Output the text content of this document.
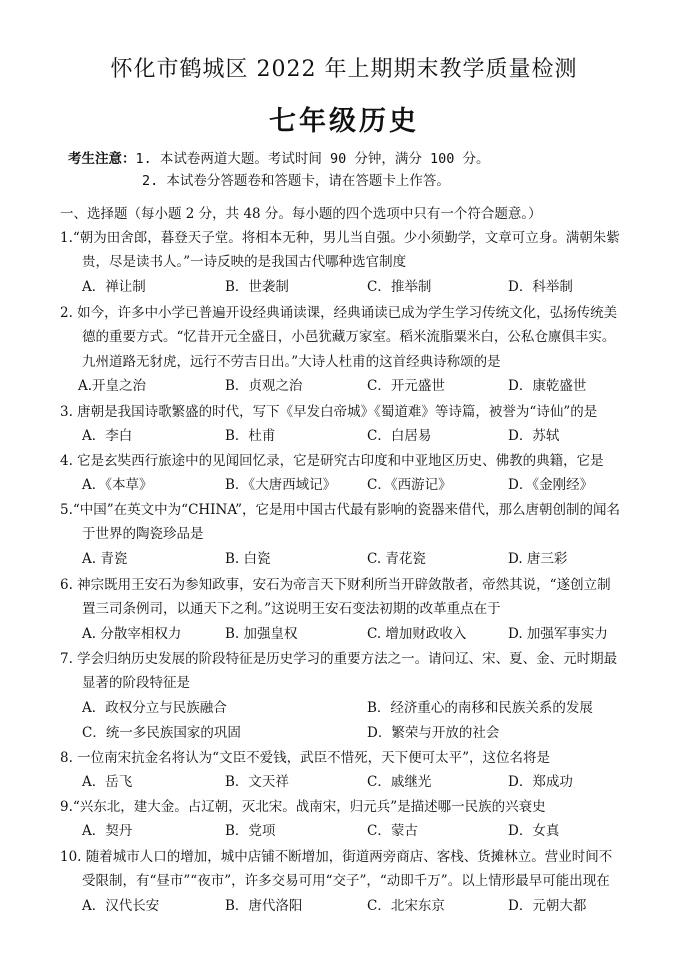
怀化市鹤城区 2022 年上期期末教学质量检测
七年级历史
考生注意：1. 本试卷两道大题。考试时间 90 分钟，满分 100 分。
2. 本试卷分答题卷和答题卡，请在答题卡上作答。
一、选择题（每小题 2 分，共 48 分。每小题的四个选项中只有一个符合题意。）
1.“朝为田舍郎，暮登天子堂。将相本无种，男儿当自强。少小须勤学，文章可立身。满朝朱紫
贵，尽是读书人。”一诗反映的是我国古代哪种选官制度
A．禅让制	B．世袭制	C．推举制	D．科举制
2. 如今，许多中小学已普遍开设经典诵读课，经典诵读已成为学生学习传统文化，弘扬传统美
德的重要方式。“忆昔开元全盛日，小邑犹藏万家室。稻米流脂粟米白，公私仓廪俱丰实。
九州道路无豺虎，远行不劳吉日出。”大诗人杜甫的这首经典诗称颂的是
A.开皇之治	B．贞观之治	C．开元盛世	D．康乾盛世
3. 唐朝是我国诗歌繁盛的时代，写下《早发白帝城》《蜀道难》等诗篇，被誉为“诗仙”的是
A．李白	B．杜甫	C．白居易	D．苏轼
4. 它是玄奘西行旅途中的见闻回忆录，它是研究古印度和中亚地区历史、佛教的典籍，它是
A．《本草》	B．《大唐西域记》 C．《西游记》	D．《金刚经》
5.“中国”在英文中为“CHINA”，它是用中国古代最有影响的瓷器来借代，那么唐朝创制的闻名
于世界的陶瓷珍品是
A. 青瓷	B. 白瓷	C. 青花瓷	D. 唐三彩
6. 神宗既用王安石为参知政事，安石为帝言天下财利所当开辟敛散者，帝然其说，“遂创立制
置三司条例司，以通天下之利。”这说明王安石变法初期的改革重点在于
A. 分散宰相权力	B. 加强皇权	C. 增加财政收入	D. 加强军事实力
7. 学会归纳历史发展的阶段特征是历史学习的重要方法之一。请问辽、宋、夏、金、元时期最
显著的阶段特征是
A．政权分立与民族融合	B．经济重心的南移和民族关系的发展
C．统一多民族国家的巩固	D．繁荣与开放的社会
8. 一位南宋抗金名将认为“文臣不爱钱，武臣不惜死，天下便可太平”，这位名将是
A．岳飞	B．文天祥	C．戚继光	D．郑成功
9.“兴东北，建大金。占辽朝，灭北宋。战南宋，归元兵”是描述哪一民族的兴衰史
A．契丹	B．党项	C．蒙古	D．女真
10. 随着城市人口的增加，城中店铺不断增加，街道两旁商店、客栈、货摊林立。营业时间不
受限制，有“昼市”“夜市”，许多交易可用“交子”，“动即千万”。以上情形最早可能出现在
A．汉代长安	B．唐代洛阳	C．北宋东京	D．元朝大都
